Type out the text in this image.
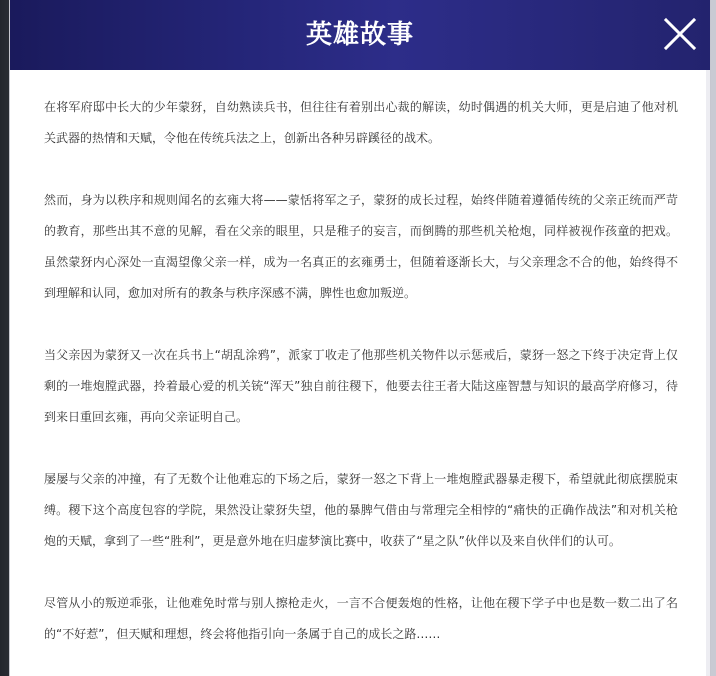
英雄故事

在将军府邸中长大的少年蒙犽，自幼熟读兵书，但往往有着别出心裁的解读，幼时偶遇的机关大师，更是启迪了他对机关武器的热情和天赋，令他在传统兵法之上，创新出各种另辟蹊径的战术。

然而，身为以秩序和规则闻名的玄雍大将——蒙恬将军之子，蒙犽的成长过程，始终伴随着遵循传统的父亲正统而严苛的教育，那些出其不意的见解，看在父亲的眼里，只是稚子的妄言，而倒腾的那些机关枪炮，同样被视作孩童的把戏。虽然蒙犽内心深处一直渴望像父亲一样，成为一名真正的玄雍勇士，但随着逐渐长大，与父亲理念不合的他，始终得不到理解和认同，愈加对所有的教条与秩序深感不满，脾性也愈加叛逆。

当父亲因为蒙犽又一次在兵书上“胡乱涂鸦”，派家丁收走了他那些机关物件以示惩戒后，蒙犽一怒之下终于决定背上仅剩的一堆炮膛武器，拎着最心爱的机关铳“浑天”独自前往稷下，他要去往王者大陆这座智慧与知识的最高学府修习，待到来日重回玄雍，再向父亲证明自己。

屡屡与父亲的冲撞，有了无数个让他难忘的下场之后，蒙犽一怒之下背上一堆炮膛武器暴走稷下，希望就此彻底摆脱束缚。稷下这个高度包容的学院，果然没让蒙犽失望，他的暴脾气借由与常理完全相悖的“痛快的正确作战法”和对机关枪炮的天赋，拿到了一些“胜利”，更是意外地在归虚梦演比赛中，收获了“星之队”伙伴以及来自伙伴们的认可。

尽管从小的叛逆乖张，让他难免时常与别人擦枪走火，一言不合便轰炮的性格，让他在稷下学子中也是数一数二出了名的“不好惹”，但天赋和理想，终会将他指引向一条属于自己的成长之路……
